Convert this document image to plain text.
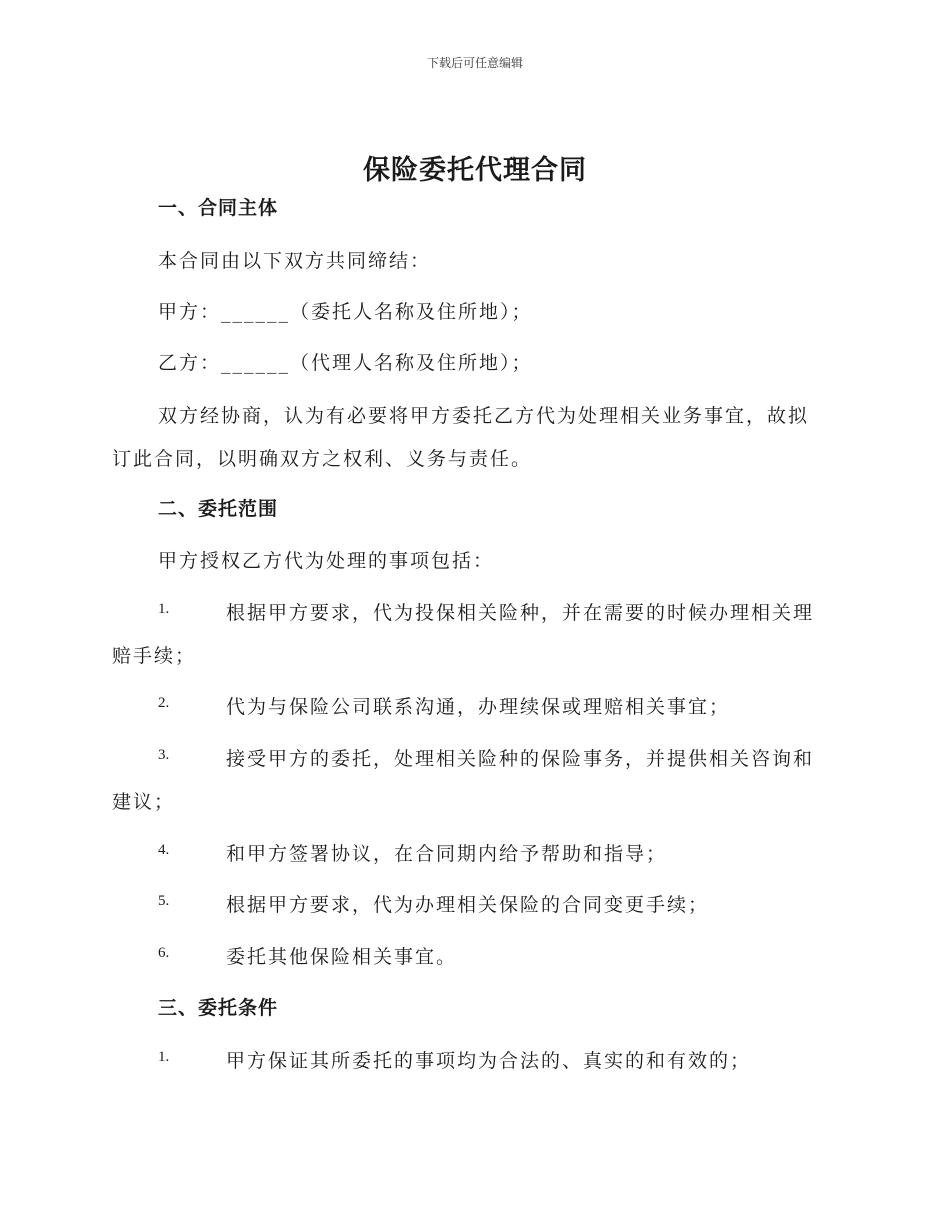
下载后可任意编辑
保险委托代理合同
一、合同主体
本合同由以下双方共同缔结：
甲方：______（委托人名称及住所地）；
乙方：______（代理人名称及住所地）；
双方经协商，认为有必要将甲方委托乙方代为处理相关业务事宜，故拟
订此合同，以明确双方之权利、义务与责任。
二、委托范围
甲方授权乙方代为处理的事项包括：
1.	根据甲方要求，代为投保相关险种，并在需要的时候办理相关理
赔手续；
2.	代为与保险公司联系沟通，办理续保或理赔相关事宜；
3.	接受甲方的委托，处理相关险种的保险事务，并提供相关咨询和
建议；
4.	和甲方签署协议，在合同期内给予帮助和指导；
5.	根据甲方要求，代为办理相关保险的合同变更手续；
6.	委托其他保险相关事宜。
三、委托条件
1.	甲方保证其所委托的事项均为合法的、真实的和有效的；
